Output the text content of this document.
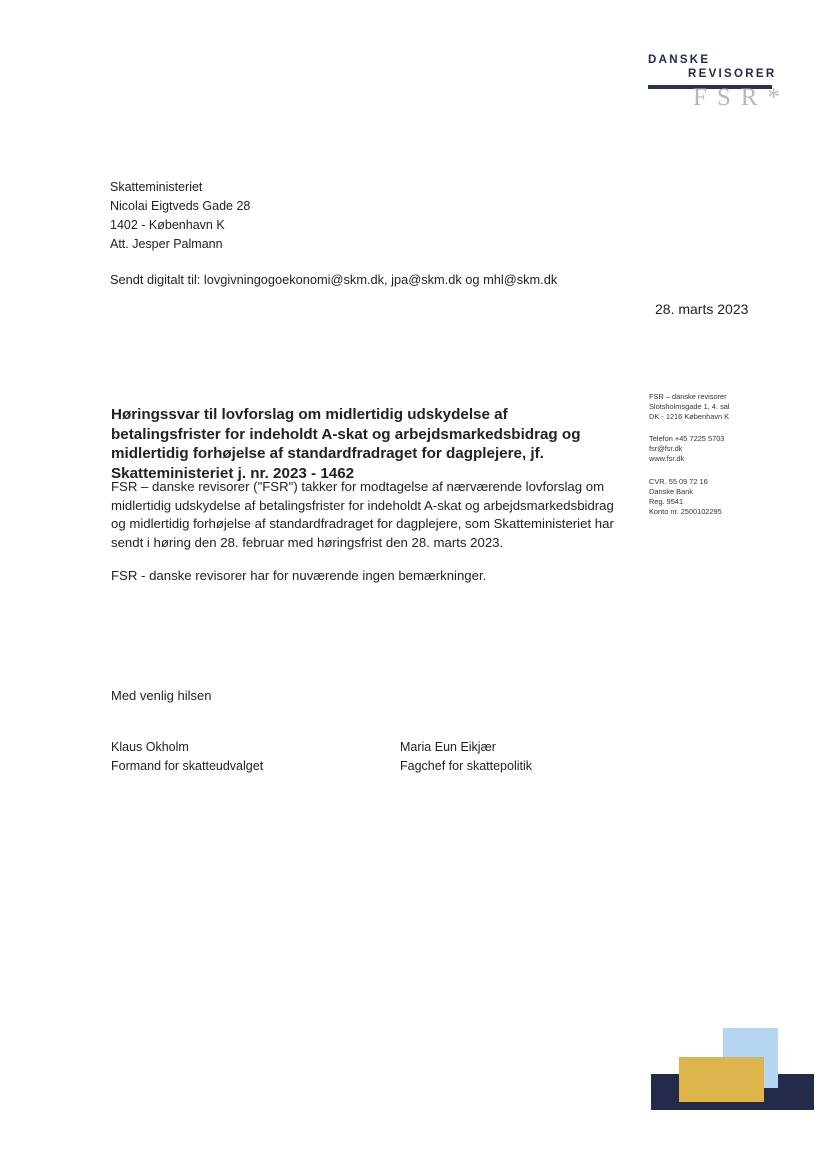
DANSKE
REVISORER
FSR*
Skatteministeriet
Nicolai Eigtveds Gade 28
1402 - København K
Att. Jesper Palmann
Sendt digitalt til: lovgivningogoekonomi@skm.dk, jpa@skm.dk og mhl@skm.dk
28. marts 2023
Høringssvar til lovforslag om midlertidig udskydelse af betalingsfrister for indeholdt A-skat og arbejdsmarkedsbidrag og midlertidig forhøjelse af standardfradraget for dagplejere, jf. Skatteministeriet j. nr. 2023 - 1462

FSR – danske revisorer ("FSR") takker for modtagelse af nærværende lovforslag om midlertidig udskydelse af betalingsfrister for indeholdt A-skat og arbejdsmarkedsbidrag og midlertidig forhøjelse af standardfradraget for dagplejere, som Skatteministeriet har sendt i høring den 28. februar med høringsfrist den 28. marts 2023.

FSR - danske revisorer har for nuværende ingen bemærkninger.

FSR – danske revisorer
Slotsholmsgade 1, 4. sal
DK - 1216 København K
Telefon +45 7225 5703
fsr@fsr.dk
www.fsr.dk
CVR. 55 09 72 16
Danske Bank
Reg. 9541
Konto nr. 2500102295
Med venlig hilsen
Klaus Okholm
Formand for skatteudvalget
Maria Eun Eikjær
Fagchef for skattepolitik
